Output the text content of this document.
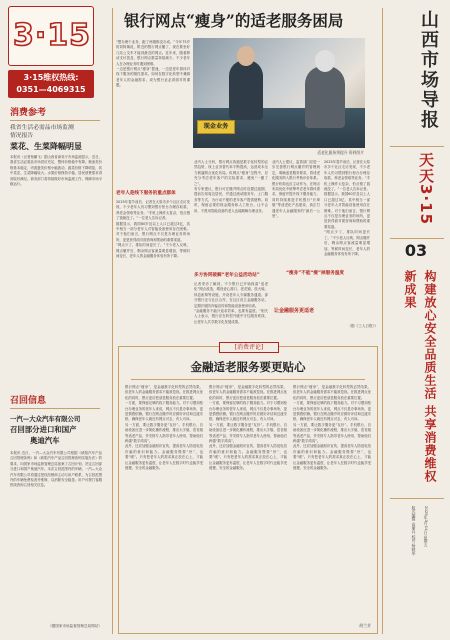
3·15
3·15维权热线:
0351—4069315
消费参考
我省生活必需品市场监测
情况报告
菜花、生菜降幅明显
本报讯（记者杨鹏飞）据山西省商务厅市场监测显示，近日，我省生活必需品市场供应充足，整体价格稳中有降。粮油类价格基本稳定，肉禽蛋类价格小幅波动，蔬菜价格下降明显，其中菜花、生菜降幅较大。水果价格保持平稳，居民消费需求得到较好满足。商务部门将持续做好市场监测工作，保障市场平稳运行。
召回信息
一汽—大众汽车有限公司
召回部分进口和国产
奥迪汽车
本报讯 近日，一汽—大众汽车有限公司根据《缺陷汽车产品召回管理条例》和《缺陷汽车产品召回管理条例实施办法》的要求，向国家市场监督管理总局备案了召回计划，决定召回部分进口和国产奥迪汽车。本次召回范围内的车辆，一汽—大众汽车有限公司将通过授权经销商主动与用户联系，为召回范围内的车辆免费检查并维修，以消除安全隐患。用户可拨打客服热线咨询召回相关信息。
（据国家市场监督管理总局网站）
银行网点“瘦身”的适老服务困局
“想办理个业务，跑了两趟都没办成。”今年75岁的刘阿姨说，附近的银行网点撤了，现在要坐好几站公交车才能到最近的网点。近年来，随着移动支付普及，银行网点数量持续减少，不少老年人在办理业务时遇到困难。
一边是银行网点“瘦身”提速，一边是老年群体对线下服务的刚性需求。如何在数字化转型中兼顾老年人的金融需求，成为银行业必须面对的课题。
老年人是线下服务的重点群体
2025年春节前后，记者在太原市多个社区走访发现，不少老年人仍习惯到银行柜台办理存取款、养老金领取等业务。“手机上操作太复杂，怕点错了钱就没了。”一位老人告诉记者。
数据显示，我国60岁及以上人口已超过3亿，其中相当一部分老年人对智能设备使用存在困难。对于他们而言，银行网点不仅是办理业务的场所，更是获得面对面咨询和帮助的重要渠道。
“网点少了，排队时间更长了。”不少老人反映，网点撤并后，剩余网点客流量明显增加，等候时间变长，老年人的金融服务体验有所下降。
现金业务
适老化服务须提升 资料图片
业内人士分析，银行网点收缩是数字化转型的必然趋势，线上业务替代率不断提高，运营成本压力倒逼网点优化布局。但网点“瘦身”过程中，应充分考虑老年客户的实际需求，避免“一撤了之”。
有专家建议，银行可在撤并网点时设置过渡期，提前告知周边居民，并通过流动服务车、上门服务等方式，为行动不便的老年客户提供便利。同时，保留必要的现金服务和人工柜台，让不会用、不愿用智能设备的老人也能顺畅办理业务。
多方协同破解“老年公益活动站”
记者采访了解到，不少银行已开始探索“适老化”网点改造，增设爱心窗口、老花镜、放大镜、休息座椅等设施，开设老年人专属服务通道。部分银行还与社区合作，在社区设立金融服务站，定期开展防诈骗宣传和智能设备使用培训。
“金融服务不能只追求效率，也要有温度。”相关人士表示，银行应在转型升级中守住服务底线，让老年人共享数字化发展成果。
业内人士建议，监管部门应进一步完善银行网点撤并的管理规定，明确适老服务要求，将适老化服务纳入银行考核评价体系。银行机构也应主动作为，在网点布局优化中统筹考虑老年群体需求，保留并提升线下服务能力，同时持续推进手机银行“长辈版”等适老化产品建设，真正打通老年人金融服务的“最后一公里”。
“瘦身”不能“瘦”掉服务温度
2025年春节前后，记者在太原市多个社区走访发现，不少老年人仍习惯到银行柜台办理存取款、养老金领取等业务。“手机上操作太复杂，怕点错了钱就没了。”一位老人告诉记者。
数据显示，我国60岁及以上人口已超过3亿，其中相当一部分老年人对智能设备使用存在困难。对于他们而言，银行网点不仅是办理业务的场所，更是获得面对面咨询和帮助的重要渠道。
“网点少了，排队时间更长了。”不少老人反映，网点撤并后，剩余网点客流量明显增加，等候时间变长，老年人的金融服务体验有所下降。
让金融服务更适老
（据《工人日报》）
[消费评论]
金融适老服务要更贴心
银行网点“瘦身”，是金融数字化转型的必然结果，但老年人的金融服务需求不能被忽视。在推进网点优化的同时，银行更应把适老服务放在重要位置。
一方面，要保留足够的线下服务能力。对于习惯到柜台办理业务的老年人来说，网点不仅是办事场所，更是情感依赖。银行在网点撤并时应做好评估和过渡安排，确保老年人就近有网点可去、有人可问。
另一方面，要让数字服务更“友好”。手机银行、自助设备应进一步简化操作流程，推出大字版、语音版等适老产品，并安排专人指导老年人使用，帮助他们跨越“数字鸿沟”。
此外，还应加强金融知识宣传，提高老年人防范电信诈骗的意识和能力。金融服务既要“快”，也要“暖”。只有把老年人的需求真正放在心上，才能让金融服务更有温度，让老年人在数字时代也能享受便捷、安全的金融服务。
银行网点“瘦身”，是金融数字化转型的必然结果，但老年人的金融服务需求不能被忽视。在推进网点优化的同时，银行更应把适老服务放在重要位置。
一方面，要保留足够的线下服务能力。对于习惯到柜台办理业务的老年人来说，网点不仅是办事场所，更是情感依赖。银行在网点撤并时应做好评估和过渡安排，确保老年人就近有网点可去、有人可问。
另一方面，要让数字服务更“友好”。手机银行、自助设备应进一步简化操作流程，推出大字版、语音版等适老产品，并安排专人指导老年人使用，帮助他们跨越“数字鸿沟”。
此外，还应加强金融知识宣传，提高老年人防范电信诈骗的意识和能力。金融服务既要“快”，也要“暖”。只有把老年人的需求真正放在心上，才能让金融服务更有温度，让老年人在数字时代也能享受便捷、安全的金融服务。
银行网点“瘦身”，是金融数字化转型的必然结果，但老年人的金融服务需求不能被忽视。在推进网点优化的同时，银行更应把适老服务放在重要位置。
一方面，要保留足够的线下服务能力。对于习惯到柜台办理业务的老年人来说，网点不仅是办事场所，更是情感依赖。银行在网点撤并时应做好评估和过渡安排，确保老年人就近有网点可去、有人可问。
另一方面，要让数字服务更“友好”。手机银行、自助设备应进一步简化操作流程，推出大字版、语音版等适老产品，并安排专人指导老年人使用，帮助他们跨越“数字鸿沟”。
此外，还应加强金融知识宣传，提高老年人防范电信诈骗的意识和能力。金融服务既要“快”，也要“暖”。只有把老年人的需求真正放在心上，才能让金融服务更有温度，让老年人在数字时代也能享受便捷、安全的金融服务。
胡兰芳
山西市场导报
天天3·15
03
构建放心安全品质生活 共享消费维权新成果
版式编辑 高丽丹 校对 杨晓华	2025年3月14日 星期五
